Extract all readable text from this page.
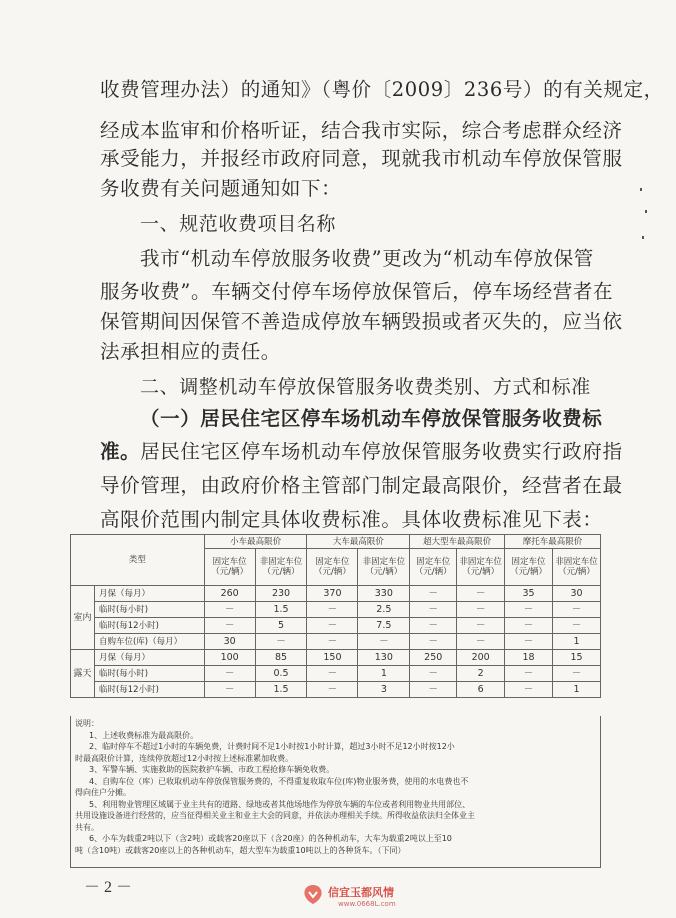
收费管理办法）的通知》（粤价〔2009〕236号）的有关规定，
经成本监审和价格听证，结合我市实际，综合考虑群众经济
承受能力，并报经市政府同意，现就我市机动车停放保管服
务收费有关问题通知如下：
一、规范收费项目名称
我市“机动车停放服务收费”更改为“机动车停放保管
服务收费”。车辆交付停车场停放保管后，停车场经营者在
保管期间因保管不善造成停放车辆毁损或者灭失的，应当依
法承担相应的责任。
二、调整机动车停放保管服务收费类别、方式和标准
（一）居民住宅区停车场机动车停放保管服务收费标
准。居民住宅区停车场机动车停放保管服务收费实行政府指
导价管理，由政府价格主管部门制定最高限价，经营者在最
高限价范围内制定具体收费标准。具体收费标准见下表：
类型		小车最高限价		大车最高限价		超大型车最高限价		摩托车最高限价	
		固定车位（元/辆）	非固定车位（元/辆）	固定车位（元/辆）	非固定车位（元/辆）	固定车位（元/辆）	非固定车位（元/辆）	固定车位（元/辆）	非固定车位（元/辆）
室内	月保（每月）	260	230	370	330	－	－	35	30
	临时(每小时)	－	1.5	－	2.5	－	－	－	－
	临时(每12小时)	－	5	－	7.5	－	－	－	－
	自购车位(库)（每月）	30	－	－	－	－	－	－	1
露天	月保（每月）	100	85	150	130	250	200	18	15
	临时(每小时)	－	0.5	－	1	－	2	－	－
	临时(每12小时)	－	1.5	－	3	－	6	－	1
说明：
1、上述收费标准为最高限价。
2、临时停车不超过1小时的车辆免费，计费时间不足1小时按1小时计算，超过3小时不足12小时按12小
时最高限价计算，连续停放超过12小时按上述标准累加收费。
3、军警车辆、实施救助的医院救护车辆、市政工程抢修车辆免收费。
4、自购车位（库）已收取机动车停放保管服务费的，不得重复收取车位(库)物业服务费，使用的水电费也不
得向住户分摊。
5、利用物业管理区域属于业主共有的道路、绿地或者其他场地作为停放车辆的车位或者利用物业共用部位、
共用设施设备进行经营的，应当征得相关业主和业主大会的同意，并依法办理相关手续。所得收益依法归全体业主
共有。
6、小车为载重2吨以下（含2吨）或载客20座以下（含20座）的各种机动车，大车为载重2吨以上至10
吨（含10吨）或载客20座以上的各种机动车，超大型车为载重10吨以上的各种货车。（下同）
－ 2 －	信宜玉都风情
www.0668L.com
